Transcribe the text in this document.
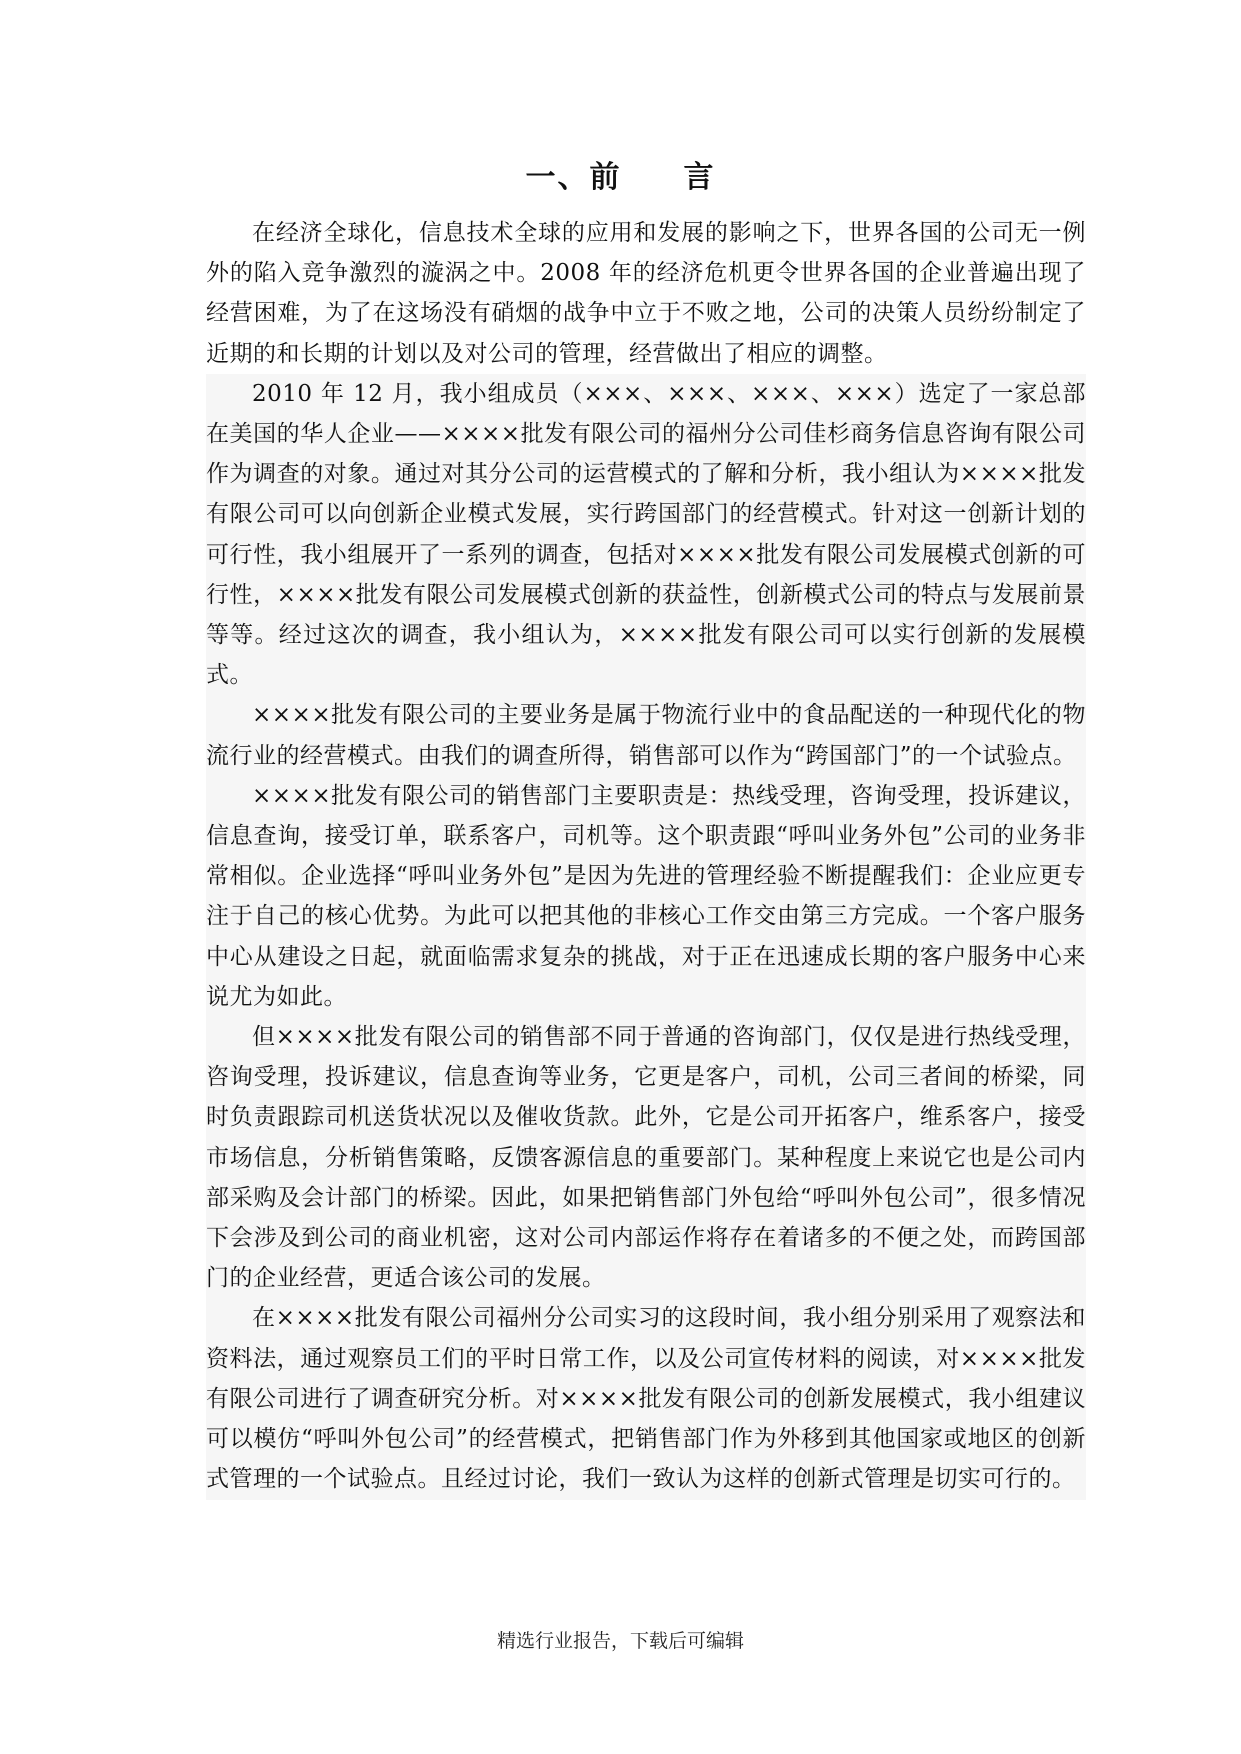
一、前 言

在经济全球化，信息技术全球的应用和发展的影响之下，世界各国的公司无一例外的陷入竞争激烈的漩涡之中。2008 年的经济危机更令世界各国的企业普遍出现了经营困难，为了在这场没有硝烟的战争中立于不败之地，公司的决策人员纷纷制定了近期的和长期的计划以及对公司的管理，经营做出了相应的调整。

2010 年 12 月，我小组成员（×××、×××、×××、×××）选定了一家总部在美国的华人企业——××××批发有限公司的福州分公司佳杉商务信息咨询有限公司作为调查的对象。通过对其分公司的运营模式的了解和分析，我小组认为××××批发有限公司可以向创新企业模式发展，实行跨国部门的经营模式。针对这一创新计划的可行性，我小组展开了一系列的调查，包括对××××批发有限公司发展模式创新的可行性，××××批发有限公司发展模式创新的获益性，创新模式公司的特点与发展前景等等。经过这次的调查，我小组认为，××××批发有限公司可以实行创新的发展模式。

××××批发有限公司的主要业务是属于物流行业中的食品配送的一种现代化的物流行业的经营模式。由我们的调查所得，销售部可以作为“跨国部门”的一个试验点。

××××批发有限公司的销售部门主要职责是：热线受理，咨询受理，投诉建议，信息查询，接受订单，联系客户，司机等。这个职责跟“呼叫业务外包”公司的业务非常相似。企业选择“呼叫业务外包”是因为先进的管理经验不断提醒我们：企业应更专注于自己的核心优势。为此可以把其他的非核心工作交由第三方完成。一个客户服务中心从建设之日起，就面临需求复杂的挑战，对于正在迅速成长期的客户服务中心来说尤为如此。

但××××批发有限公司的销售部不同于普通的咨询部门，仅仅是进行热线受理，咨询受理，投诉建议，信息查询等业务，它更是客户，司机，公司三者间的桥梁，同时负责跟踪司机送货状况以及催收货款。此外，它是公司开拓客户，维系客户，接受市场信息，分析销售策略，反馈客源信息的重要部门。某种程度上来说它也是公司内部采购及会计部门的桥梁。因此，如果把销售部门外包给“呼叫外包公司”，很多情况下会涉及到公司的商业机密，这对公司内部运作将存在着诸多的不便之处，而跨国部门的企业经营，更适合该公司的发展。

在××××批发有限公司福州分公司实习的这段时间，我小组分别采用了观察法和资料法，通过观察员工们的平时日常工作，以及公司宣传材料的阅读，对××××批发有限公司进行了调查研究分析。对××××批发有限公司的创新发展模式，我小组建议可以模仿“呼叫外包公司”的经营模式，把销售部门作为外移到其他国家或地区的创新式管理的一个试验点。且经过讨论，我们一致认为这样的创新式管理是切实可行的。

精选行业报告，下载后可编辑
